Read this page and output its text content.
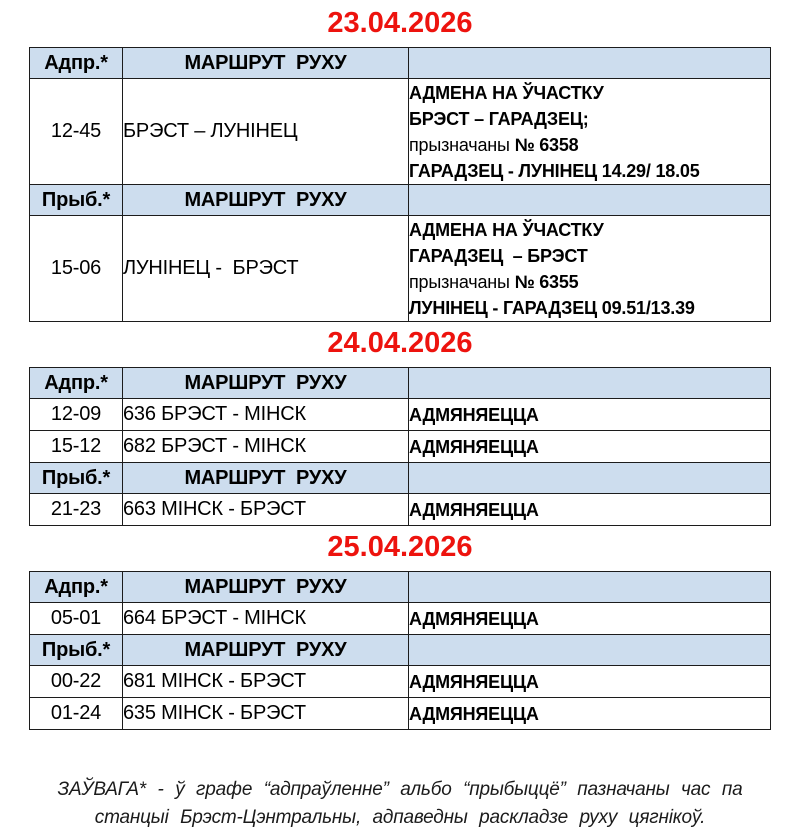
23.04.2026
Адпр.*	МАРШРУТ  РУХУ	
12-45	БРЭСТ – ЛУНІНЕЦ	АДМЕНА НА ЎЧАСТКУ
БРЭСТ – ГАРАДЗЕЦ;
прызначаны № 6358
ГАРАДЗЕЦ - ЛУНІНЕЦ 14.29/ 18.05

Прыб.*	МАРШРУТ  РУХУ	
15-06	ЛУНІНЕЦ -  БРЭСТ	АДМЕНА НА ЎЧАСТКУ
ГАРАДЗЕЦ  – БРЭСТ
прызначаны № 6355
ЛУНІНЕЦ - ГАРАДЗЕЦ 09.51/13.39
24.04.2026
Адпр.*	МАРШРУТ  РУХУ	
12-09	636 БРЭСТ - МІНСК	АДМЯНЯЕЦЦА

15-12	682 БРЭСТ - МІНСК	АДМЯНЯЕЦЦА

Прыб.*	МАРШРУТ  РУХУ	
21-23	663 МІНСК - БРЭСТ	АДМЯНЯЕЦЦА
25.04.2026
Адпр.*	МАРШРУТ  РУХУ	
05-01	664 БРЭСТ - МІНСК	АДМЯНЯЕЦЦА

Прыб.*	МАРШРУТ  РУХУ	
00-22	681 МІНСК - БРЭСТ	АДМЯНЯЕЦЦА

01-24	635 МІНСК - БРЭСТ	АДМЯНЯЕЦЦА
ЗАЎВАГА* - ў графе “адпраўленне” альбо “прыбыццё” пазначаны час па
станцыі Брэст-Цэнтральны, адпаведны раскладзе руху цягнікоў.
